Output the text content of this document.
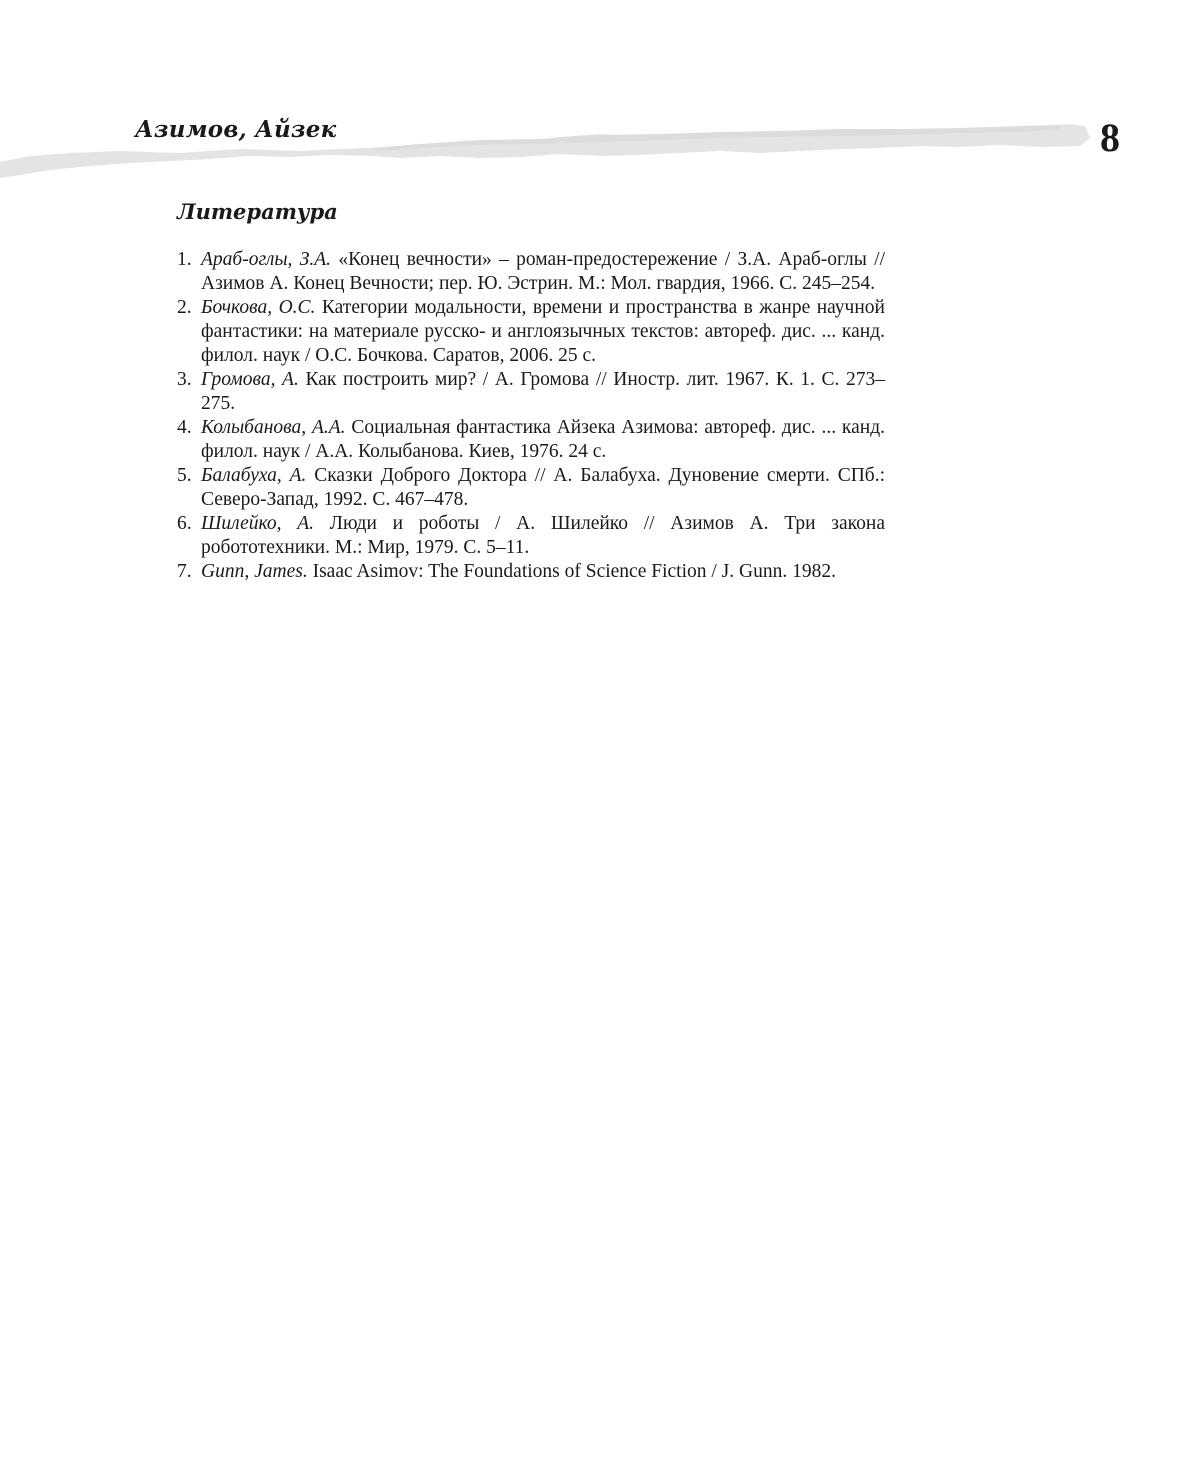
Азимов, Айзек	8
Литература
1. Араб-оглы, З.А. «Конец вечности» – роман-предостережение / З.А. Араб-оглы // Азимов А. Конец Вечности; пер. Ю. Эстрин. М.: Мол. гвардия, 1966. С. 245–254.
2. Бочкова, О.С. Категории модальности, времени и пространства в жанре научной фантастики: на материале русско- и англоязычных текстов: автореф. дис. ... канд. филол. наук / О.С. Бочкова. Саратов, 2006. 25 с.
3. Громова, А. Как построить мир? / А. Громова // Иностр. лит. 1967. К. 1. С. 273–275.
4. Колыбанова, А.А. Социальная фантастика Айзека Азимова: автореф. дис. ... канд. филол. наук / А.А. Колыбанова. Киев, 1976. 24 с.
5. Балабуха, А. Сказки Доброго Доктора // А. Балабуха. Дуновение смерти. СПб.: Северо-Запад, 1992. С. 467–478.
6. Шилейко, А. Люди и роботы / А. Шилейко // Азимов А. Три закона робототехники. М.: Мир, 1979. С. 5–11.
7. Gunn, James. Isaac Asimov: The Foundations of Science Fiction / J. Gunn. 1982.
